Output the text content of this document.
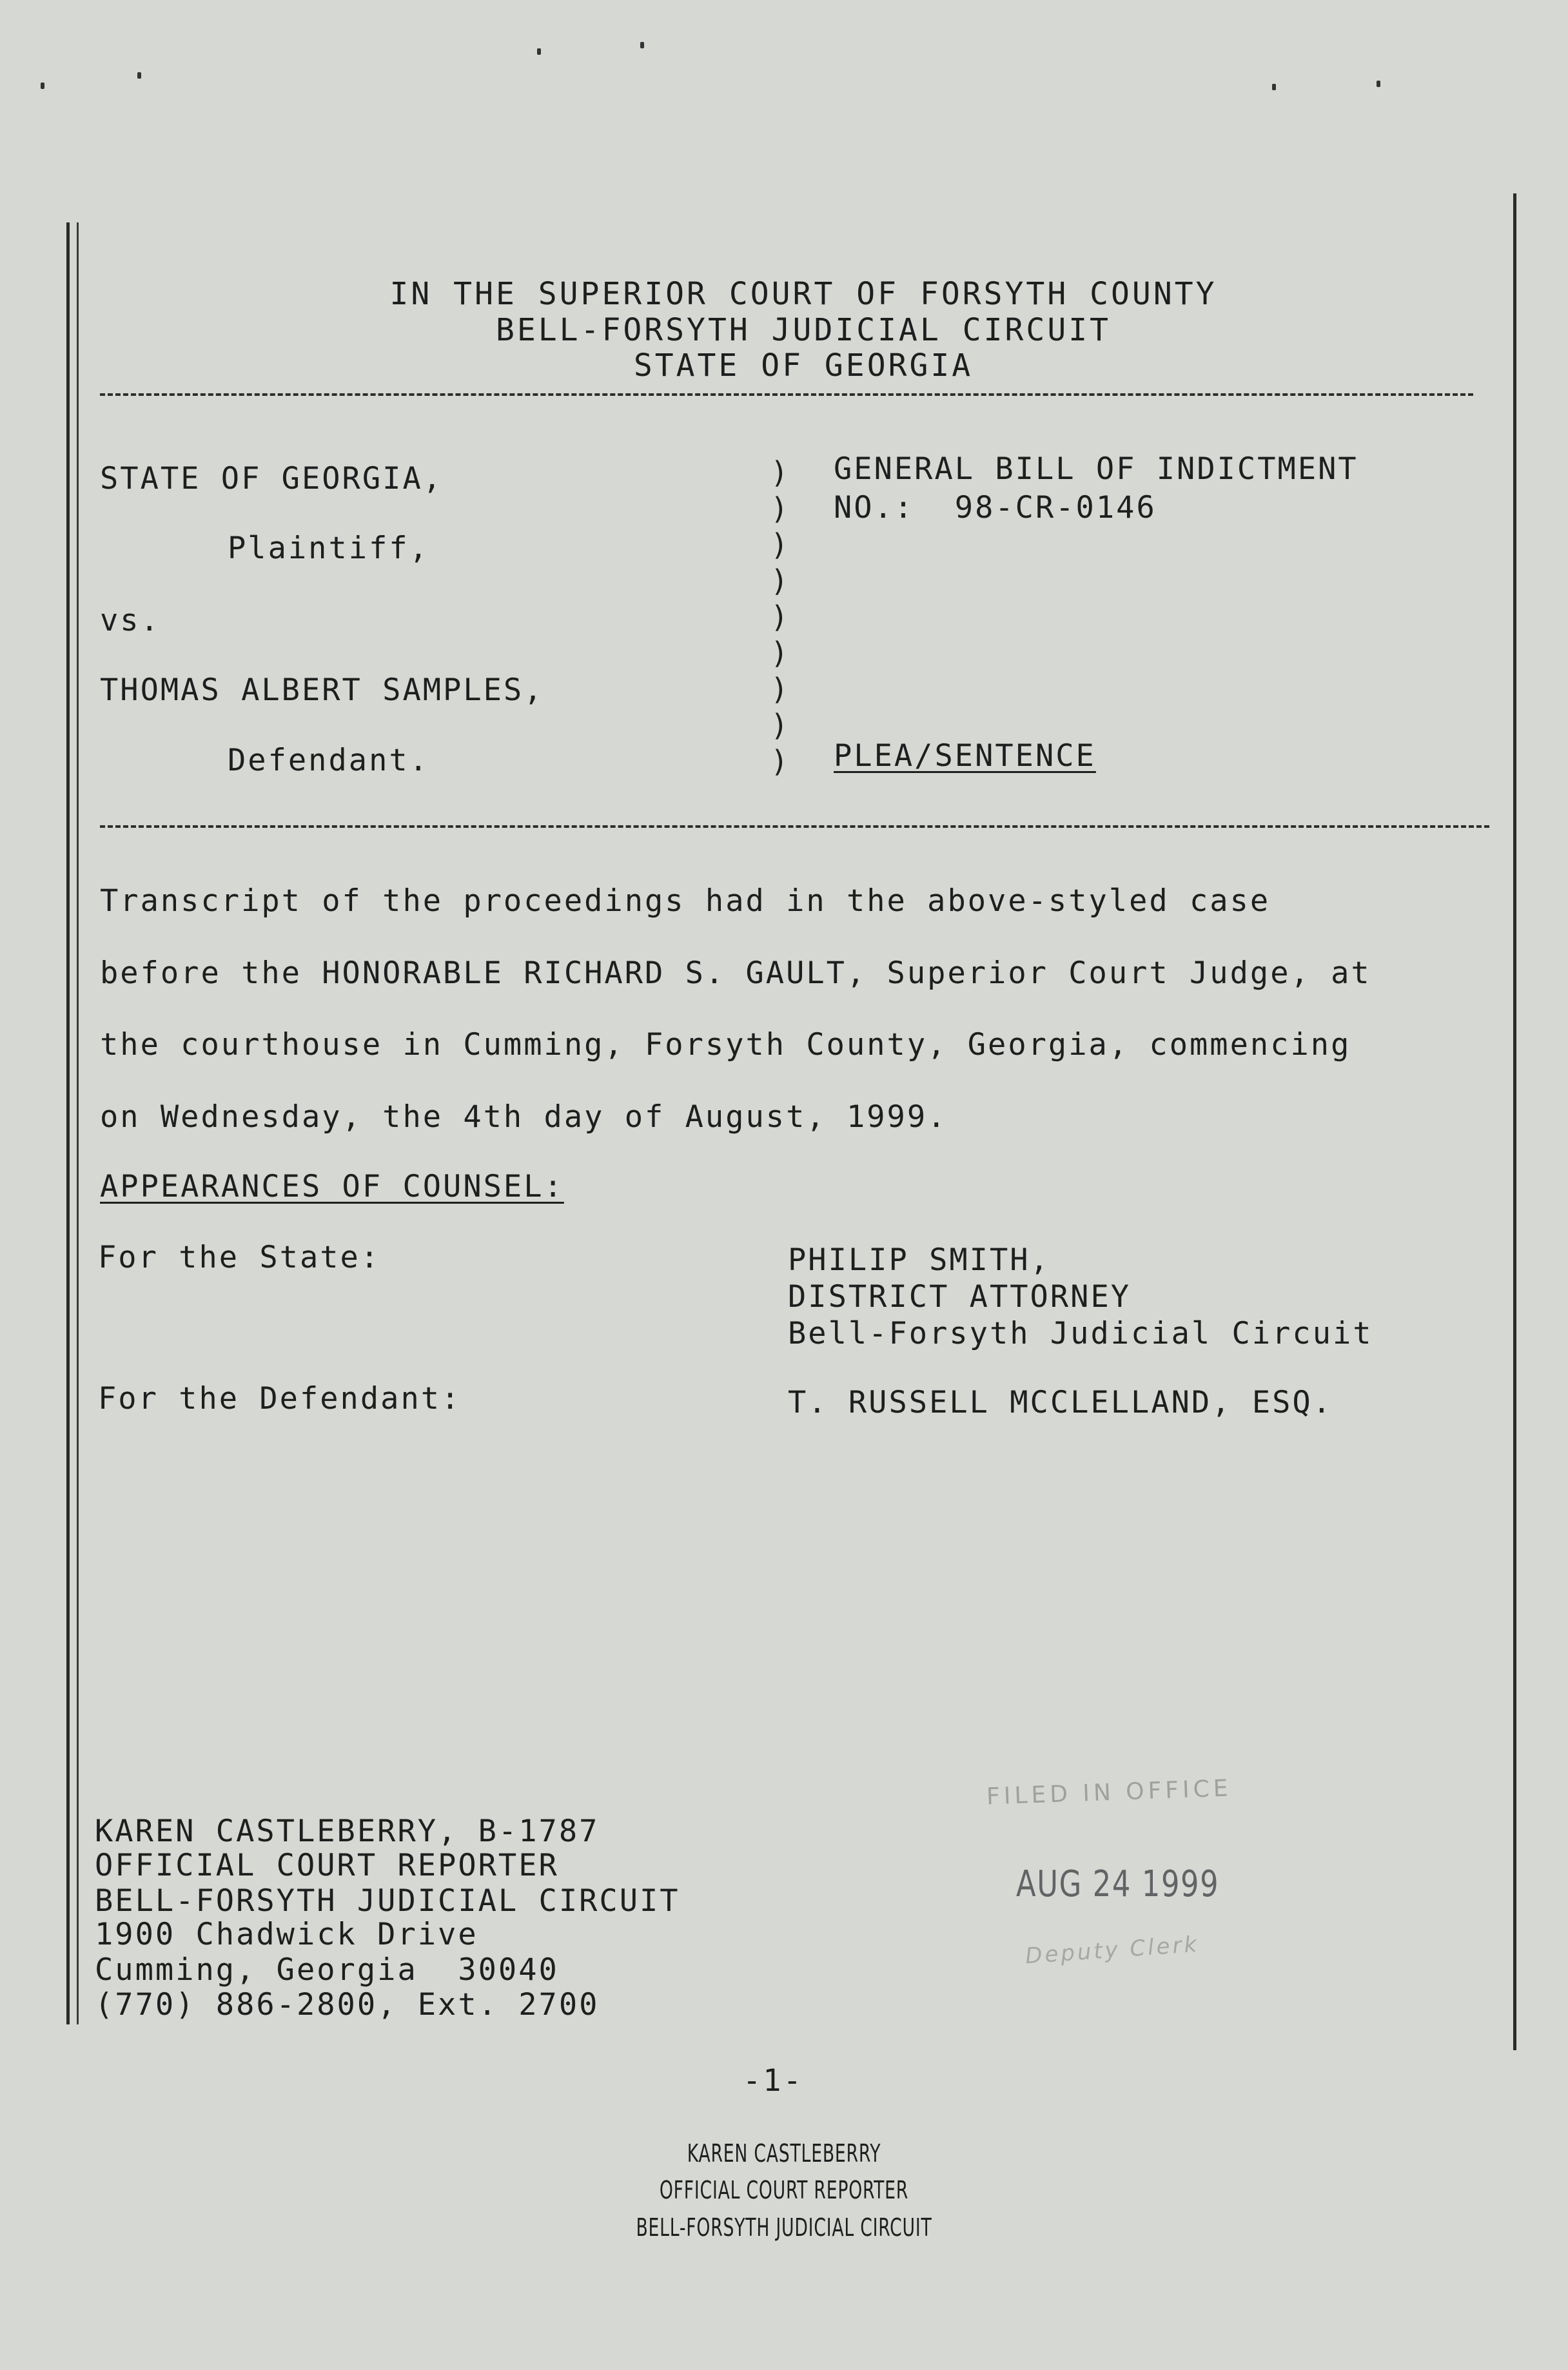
IN THE SUPERIOR COURT OF FORSYTH COUNTY
BELL-FORSYTH JUDICIAL CIRCUIT
STATE OF GEORGIA
STATE OF GEORGIA,
Plaintiff,
vs.
THOMAS ALBERT SAMPLES,
Defendant.
)
)
)
)
)
)
)
)
)
GENERAL BILL OF INDICTMENT
NO.:  98-CR-0146
PLEA/SENTENCE
Transcript of the proceedings had in the above-styled case
before the HONORABLE RICHARD S. GAULT, Superior Court Judge, at
the courthouse in Cumming, Forsyth County, Georgia, commencing
on Wednesday, the 4th day of August, 1999.
APPEARANCES OF COUNSEL:
For the State:	PHILIP SMITH,
DISTRICT ATTORNEY
Bell-Forsyth Judicial Circuit
For the Defendant:	T. RUSSELL MCCLELLAND, ESQ.
KAREN CASTLEBERRY, B-1787
OFFICIAL COURT REPORTER
BELL-FORSYTH JUDICIAL CIRCUIT
1900 Chadwick Drive
Cumming, Georgia  30040
(770) 886-2800, Ext. 2700
FILED IN OFFICE
AUG 24 1999
Deputy Clerk
-1-
KAREN CASTLEBERRY
OFFICIAL COURT REPORTER
BELL-FORSYTH JUDICIAL CIRCUIT
